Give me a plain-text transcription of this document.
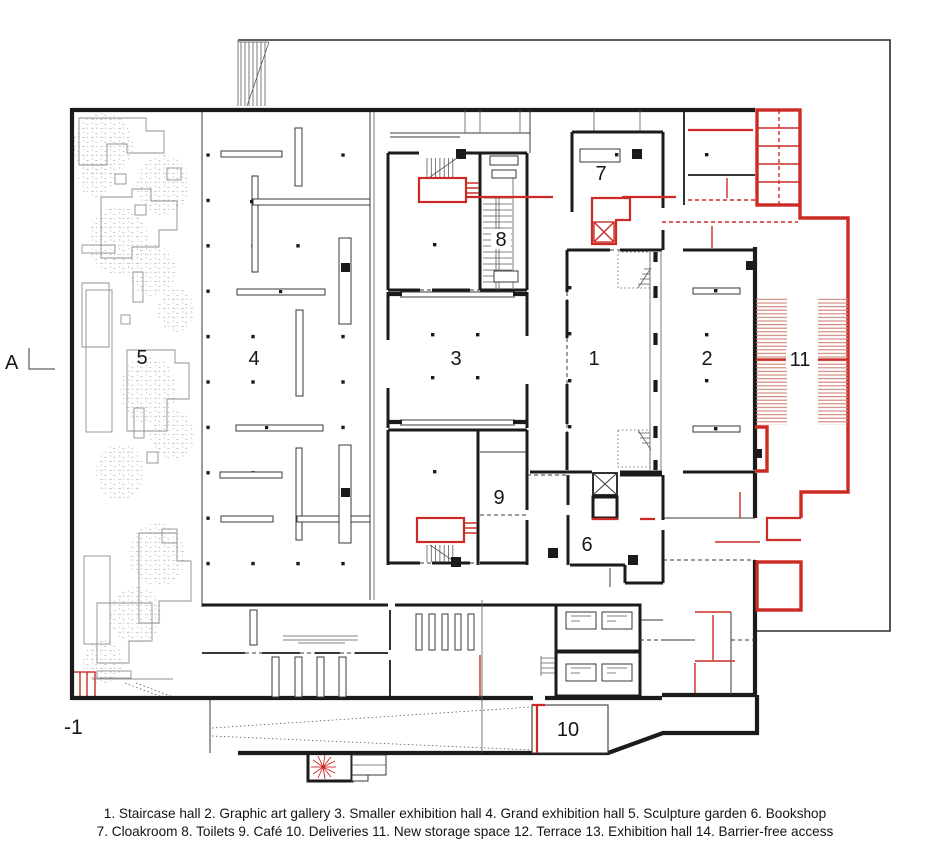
1	2
3
4
5
6
7
8
9
10
11
A
-1
1. Staircase hall 2. Graphic art gallery 3. Smaller exhibition hall 4. Grand exhibition hall 5. Sculpture garden 6. Bookshop
7. Cloakroom 8. Toilets 9. Café 10. Deliveries 11. New storage space 12. Terrace 13. Exhibition hall 14. Barrier-free access
